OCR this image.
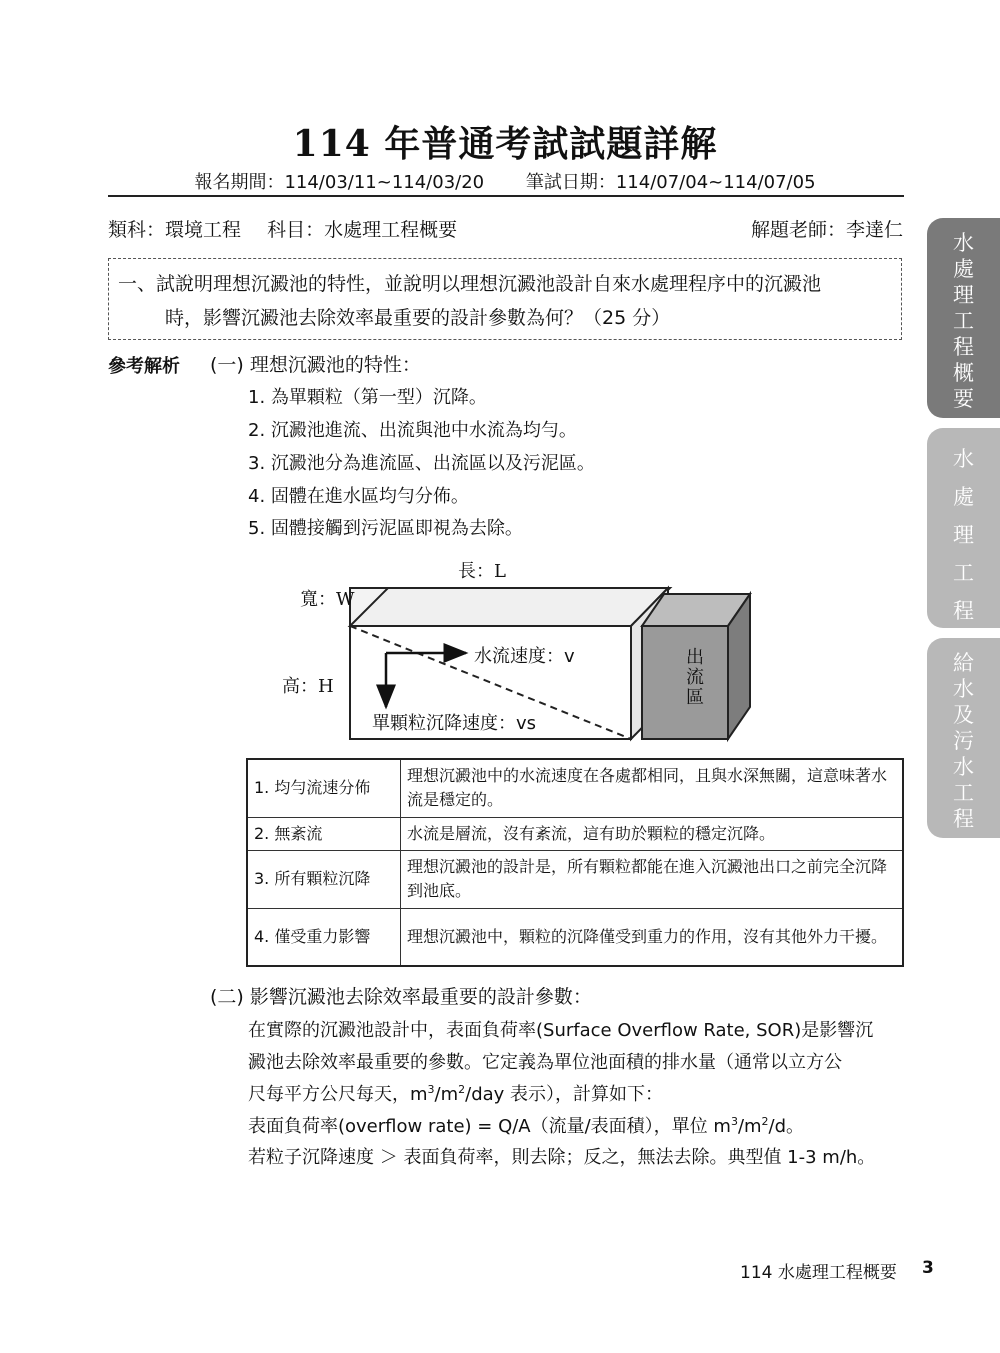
114 年普通考試試題詳解
報名期間：114/03/11~114/03/20 筆試日期：114/07/04~114/07/05
類科：環境工程 科目：水處理工程概要	解題老師：李達仁
一、試說明理想沉澱池的特性，並說明以理想沉澱池設計自來水處理程序中的沉澱池
時，影響沉澱池去除效率最重要的設計參數為何？（25 分）
參考解析 (一) 理想沉澱池的特性：
1. 為單顆粒（第一型）沉降。
2. 沉澱池進流、出流與池中水流為均勻。
3. 沉澱池分為進流區、出流區以及污泥區。
4. 固體在進水區均勻分佈。
5. 固體接觸到污泥區即視為去除。
長：L
寬：W
高：H
水流速度：v
單顆粒沉降速度：vs
出流區
1. 均勻流速分佈	理想沉澱池中的水流速度在各處都相同，且與水深無關，這意味著水流是穩定的。
2. 無紊流	水流是層流，沒有紊流，這有助於顆粒的穩定沉降。
3. 所有顆粒沉降	理想沉澱池的設計是，所有顆粒都能在進入沉澱池出口之前完全沉降到池底。
4. 僅受重力影響	理想沉澱池中，顆粒的沉降僅受到重力的作用，沒有其他外力干擾。
(二) 影響沉澱池去除效率最重要的設計參數：
在實際的沉澱池設計中，表面負荷率(Surface Overflow Rate, SOR)是影響沉
澱池去除效率最重要的參數。它定義為單位池面積的排水量（通常以立方公
尺每平方公尺每天，$m^3/m^2$/day 表示），計算如下：
表面負荷率(overflow rate) = Q/A（流量/表面積），單位 $m^3/m^2/d$。
若粒子沉降速度 ＞ 表面負荷率，則去除；反之，無法去除。典型值 1-3 m/h。
水處理工程概要
水處理工程
給水及污水工程
114 水處理工程概要 3
